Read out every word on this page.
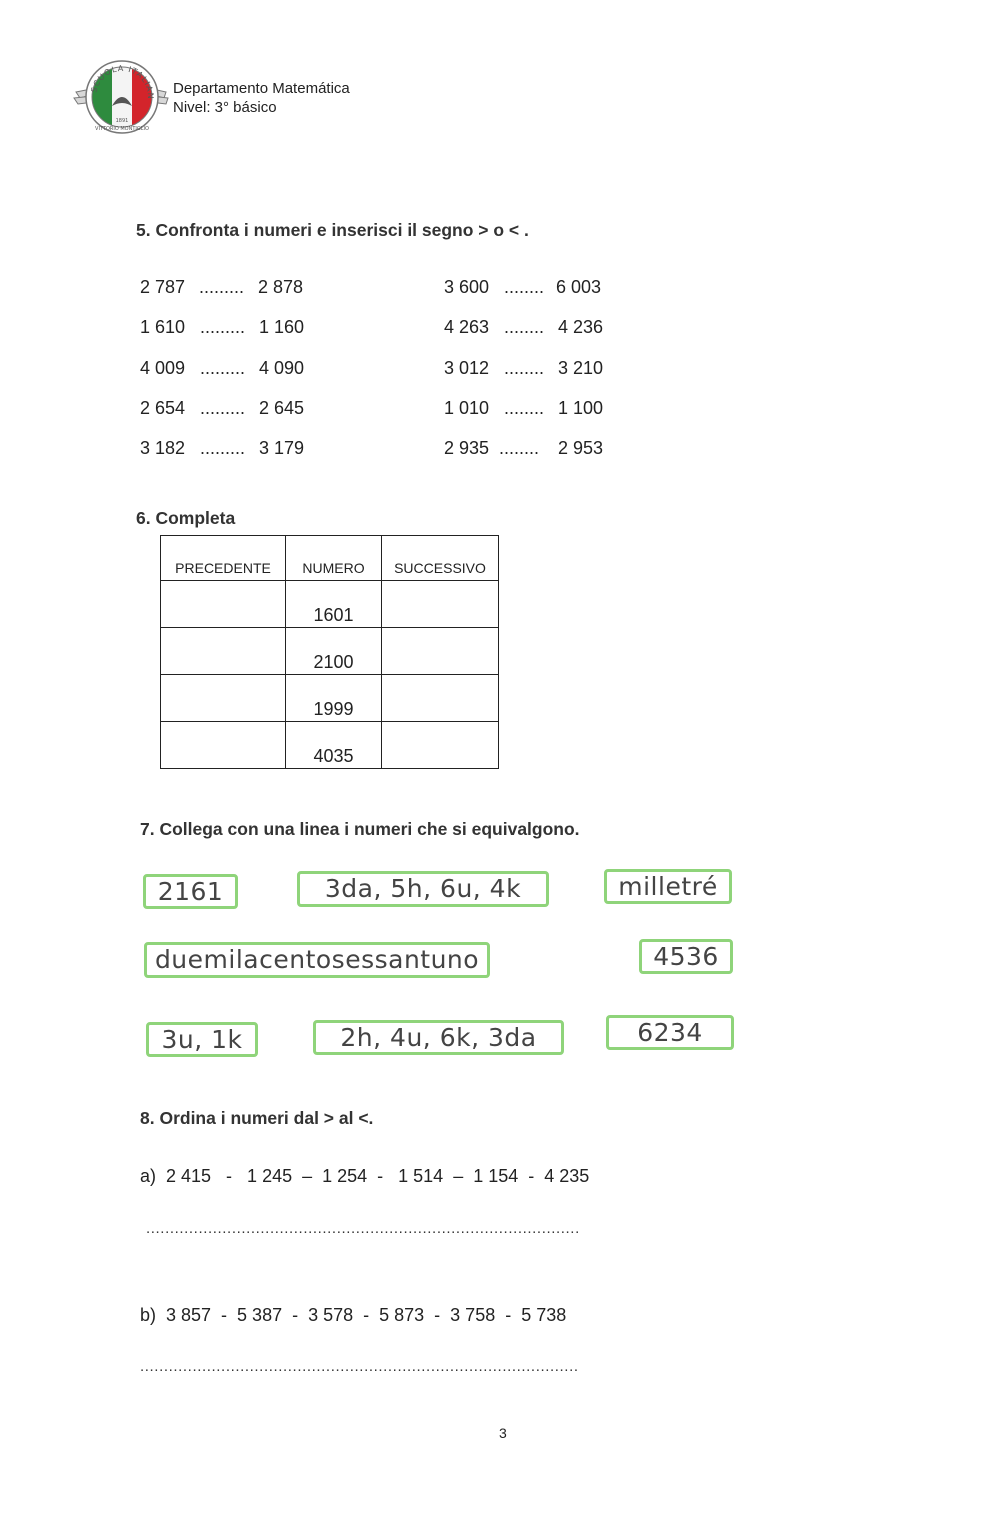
SCUOLA ITALIAN
1891
VITTORIO MONTIGLIO
Departamento Matemática
Nivel: 3° básico
5. Confronta i numeri e inserisci il segno > o < .
2 787 ......... 2 878
1 610 ......... 1 160
4 009 ......... 4 090
2 654 ......... 2 645
3 182 ......... 3 179
3 600 ........ 6 003
4 263 ........ 4 236
3 012 ........ 3 210
1 010 ........ 1 100
2 935 ........ 2 953
6. Completa
PRECEDENTE	NUMERO	SUCCESSIVO
	1601	
	2100	
	1999	
	4035	
7. Collega con una linea i numeri che si equivalgono.
2161	3da, 5h, 6u, 4k	milletré
duemilacentosessantuno	4536
3u, 1k	2h, 4u, 6k, 3da	6234
8. Ordina i numeri dal > al <.
a)  2 415   -   1 245  –  1 254  -   1 514  –  1 154  -  4 235
...........................................................................................
b)  3 857  -  5 387  -  3 578  -  5 873  -  3 758  -  5 738
............................................................................................
3
